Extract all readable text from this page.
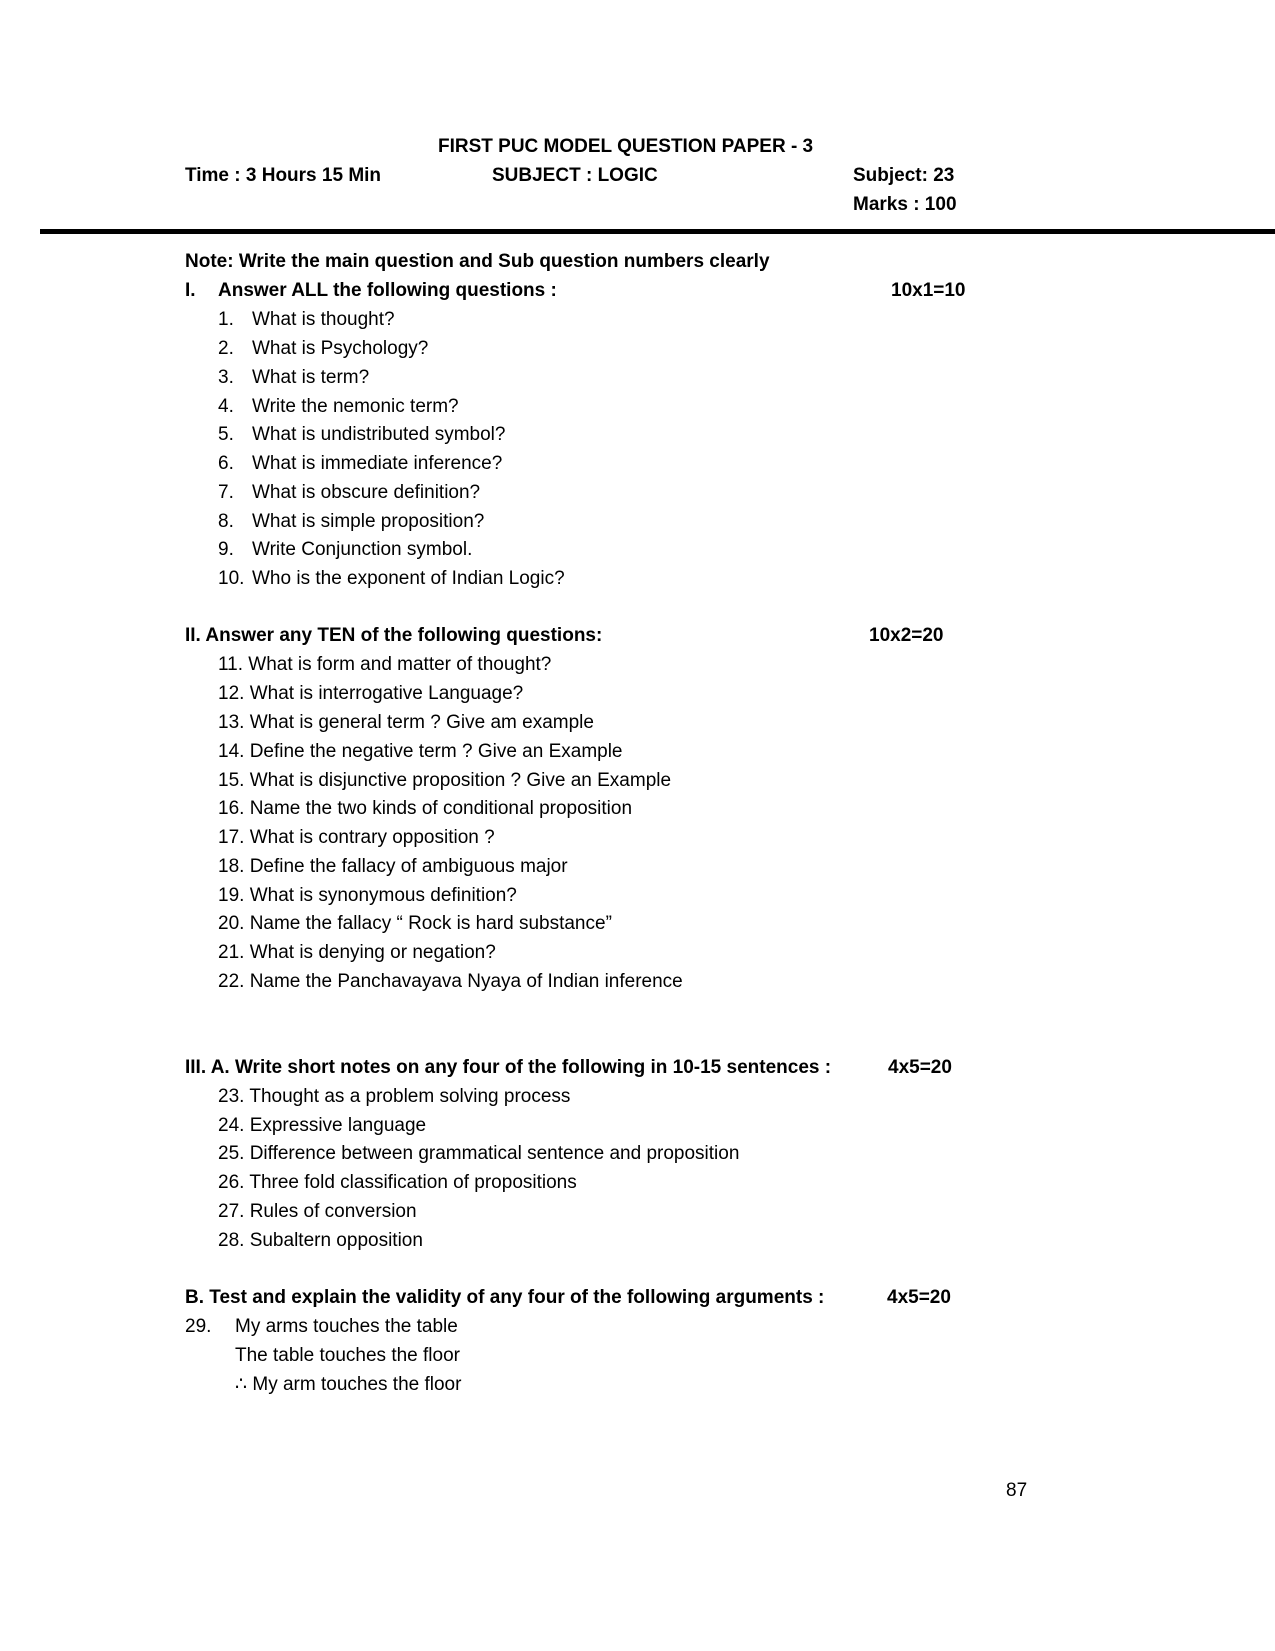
FIRST PUC MODEL QUESTION PAPER - 3
Time : 3 Hours 15 Min	SUBJECT : LOGIC	Subject: 23
Marks : 100
Note: Write the main question and Sub question numbers clearly
I. Answer ALL the following questions :	10x1=10
1. What is thought?
2. What is Psychology?
3. What is term?
4. Write the nemonic term?
5. What is undistributed symbol?
6. What is immediate inference?
7. What is obscure definition?
8. What is simple proposition?
9. Write Conjunction symbol.
10. Who is the exponent of Indian Logic?
II. Answer any TEN of the following questions:	10x2=20
11. What is form and matter of thought?
12. What is interrogative Language?
13. What is general term ? Give am example
14. Define the negative term ? Give an Example
15. What is disjunctive proposition ? Give an Example
16. Name the two kinds of conditional proposition
17. What is contrary opposition ?
18. Define the fallacy of ambiguous major
19. What is synonymous definition?
20. Name the fallacy “ Rock is hard substance”
21. What is denying or negation?
22. Name the Panchavayava Nyaya of Indian inference
III. A. Write short notes on any four of the following in 10-15 sentences :	4x5=20
23. Thought as a problem solving process
24. Expressive language
25. Difference between grammatical sentence and proposition
26. Three fold classification of propositions
27. Rules of conversion
28. Subaltern opposition
B. Test and explain the validity of any four of the following arguments :	4x5=20
29. My arms touches the table
The table touches the floor
∴ My arm touches the floor
87
